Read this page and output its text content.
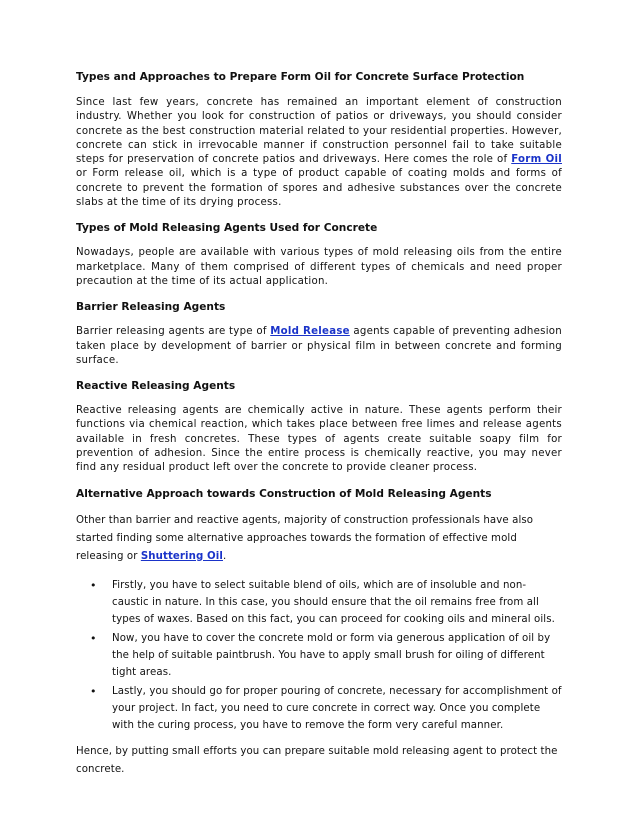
Types and Approaches to Prepare Form Oil for Concrete Surface Protection

Since last few years, concrete has remained an important element of construction industry. Whether you look for construction of patios or driveways, you should consider concrete as the best construction material related to your residential properties. However, concrete can stick in irrevocable manner if construction personnel fail to take suitable steps for preservation of concrete patios and driveways. Here comes the role of Form Oil or Form release oil, which is a type of product capable of coating molds and forms of concrete to prevent the formation of spores and adhesive substances over the concrete slabs at the time of its drying process.

Types of Mold Releasing Agents Used for Concrete

Nowadays, people are available with various types of mold releasing oils from the entire marketplace. Many of them comprised of different types of chemicals and need proper precaution at the time of its actual application.

Barrier Releasing Agents

Barrier releasing agents are type of Mold Release agents capable of preventing adhesion taken place by development of barrier or physical film in between concrete and forming surface.

Reactive Releasing Agents

Reactive releasing agents are chemically active in nature. These agents perform their functions via chemical reaction, which takes place between free limes and release agents available in fresh concretes. These types of agents create suitable soapy film for prevention of adhesion. Since the entire process is chemically reactive, you may never find any residual product left over the concrete to provide cleaner process.

Alternative Approach towards Construction of Mold Releasing Agents

Other than barrier and reactive agents, majority of construction professionals have also started finding some alternative approaches towards the formation of effective mold releasing or Shuttering Oil.

• Firstly, you have to select suitable blend of oils, which are of insoluble and non-caustic in nature. In this case, you should ensure that the oil remains free from all types of waxes. Based on this fact, you can proceed for cooking oils and mineral oils.
• Now, you have to cover the concrete mold or form via generous application of oil by the help of suitable paintbrush. You have to apply small brush for oiling of different tight areas.
• Lastly, you should go for proper pouring of concrete, necessary for accomplishment of your project. In fact, you need to cure concrete in correct way. Once you complete with the curing process, you have to remove the form very careful manner.

Hence, by putting small efforts you can prepare suitable mold releasing agent to protect the concrete.
